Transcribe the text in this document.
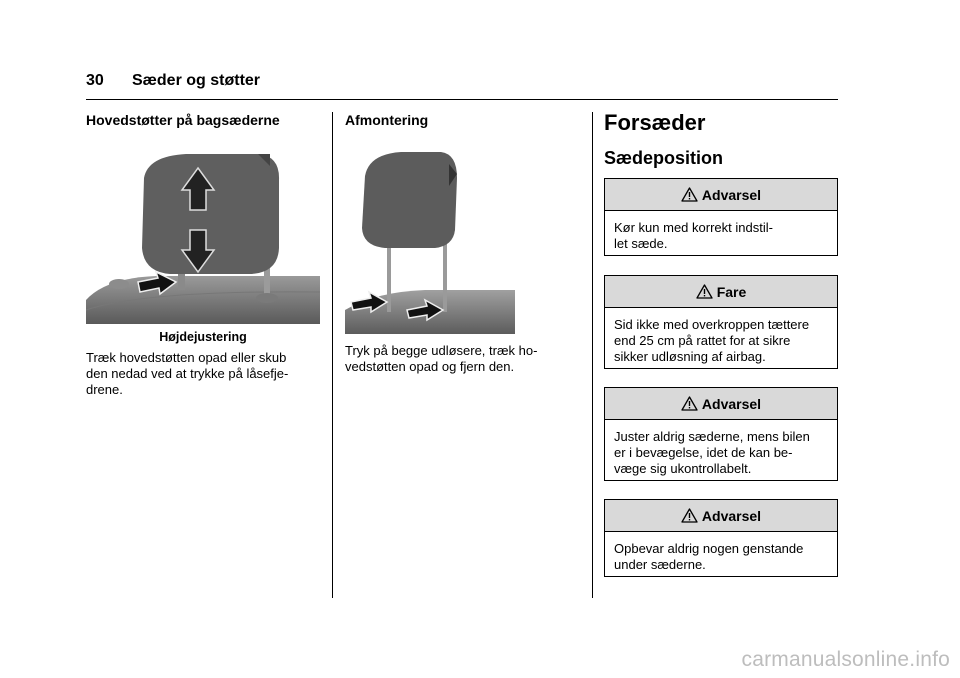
30 Sæder og støtter
Hovedstøtter på bagsæderne
Højdejustering
Træk hovedstøtten opad eller skub
den nedad ved at trykke på låsefje-
drene.
Afmontering
Tryk på begge udløsere, træk ho-
vedstøtten opad og fjern den.
Forsæder
Sædeposition
Advarsel
Kør kun med korrekt indstil-
let sæde.
Fare
Sid ikke med overkroppen tættere
end 25 cm på rattet for at sikre
sikker udløsning af airbag.
Advarsel
Juster aldrig sæderne, mens bilen
er i bevægelse, idet de kan be-
væge sig ukontrollabelt.
Advarsel
Opbevar aldrig nogen genstande
under sæderne.
carmanualsonline.info
